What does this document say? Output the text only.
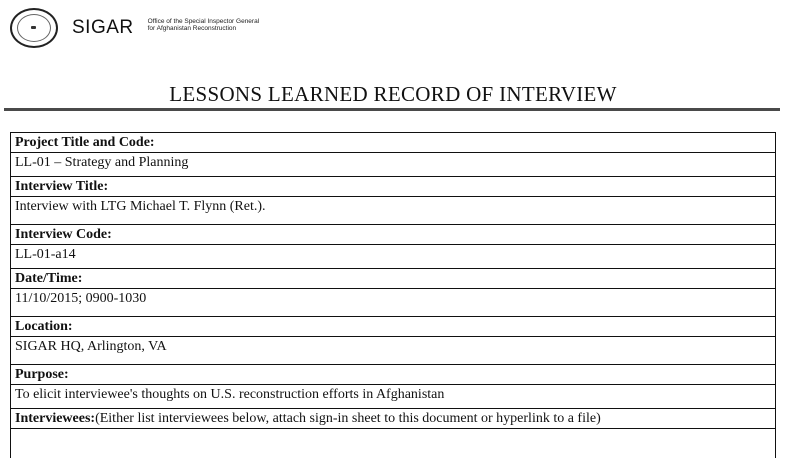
SIGAR Office of the Special Inspector General
for Afghanistan Reconstruction
LESSONS LEARNED RECORD OF INTERVIEW
Project Title and Code:
LL-01 – Strategy and Planning
Interview Title:
Interview with LTG Michael T. Flynn (Ret.).
Interview Code:
LL-01-a14
Date/Time:
11/10/2015; 0900-1030
Location:
SIGAR HQ, Arlington, VA
Purpose:
To elicit interviewee's thoughts on U.S. reconstruction efforts in Afghanistan
Interviewees: (Either list interviewees below, attach sign-in sheet to this document or hyperlink to a file)
